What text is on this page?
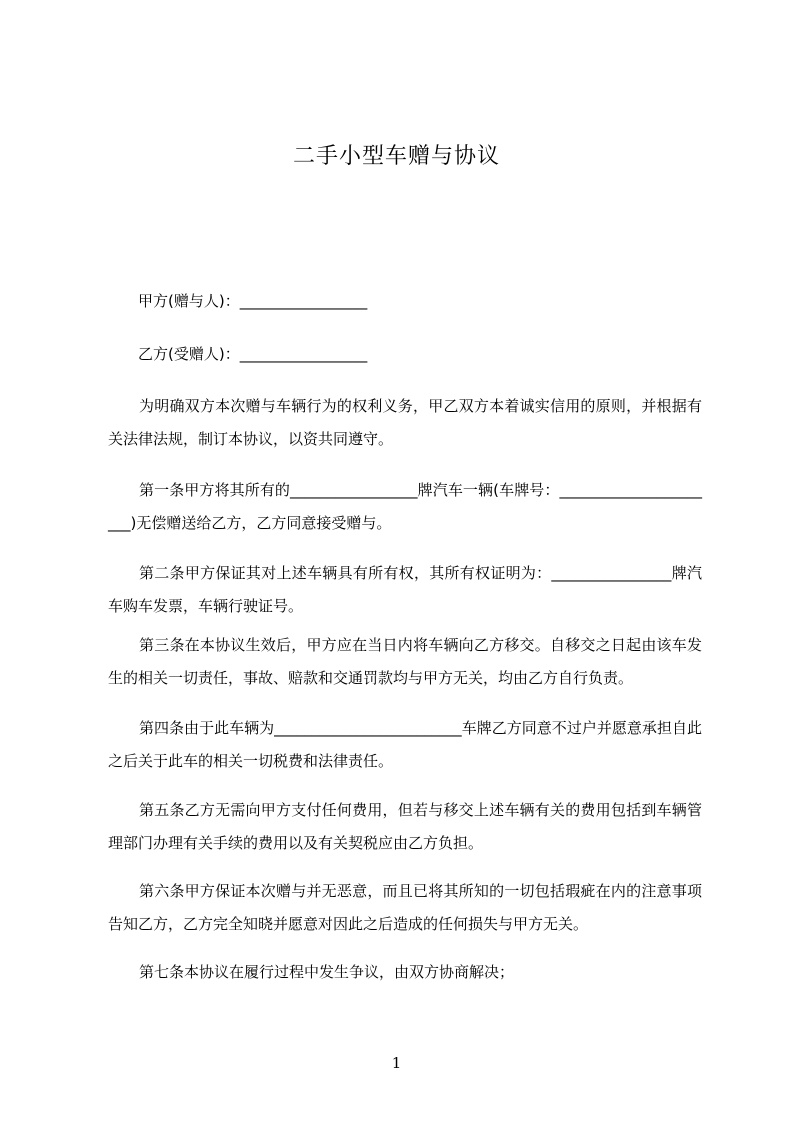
二手小型车赠与协议
甲方(赠与人)：_________________
乙方(受赠人)：_________________
为明确双方本次赠与车辆行为的权利义务，甲乙双方本着诚实信用的原则，并根据有关法律法规，制订本协议，以资共同遵守。
第一条甲方将其所有的_________________牌汽车一辆(车牌号：______________________)无偿赠送给乙方，乙方同意接受赠与。
第二条甲方保证其对上述车辆具有所有权，其所有权证明为：________________牌汽车购车发票，车辆行驶证号。
第三条在本协议生效后，甲方应在当日内将车辆向乙方移交。自移交之日起由该车发生的相关一切责任，事故、赔款和交通罚款均与甲方无关，均由乙方自行负责。
第四条由于此车辆为_________________________车牌乙方同意不过户并愿意承担自此之后关于此车的相关一切税费和法律责任。
第五条乙方无需向甲方支付任何费用，但若与移交上述车辆有关的费用包括到车辆管理部门办理有关手续的费用以及有关契税应由乙方负担。
第六条甲方保证本次赠与并无恶意，而且已将其所知的一切包括瑕疵在内的注意事项告知乙方，乙方完全知晓并愿意对因此之后造成的任何损失与甲方无关。
第七条本协议在履行过程中发生争议，由双方协商解决；
1
